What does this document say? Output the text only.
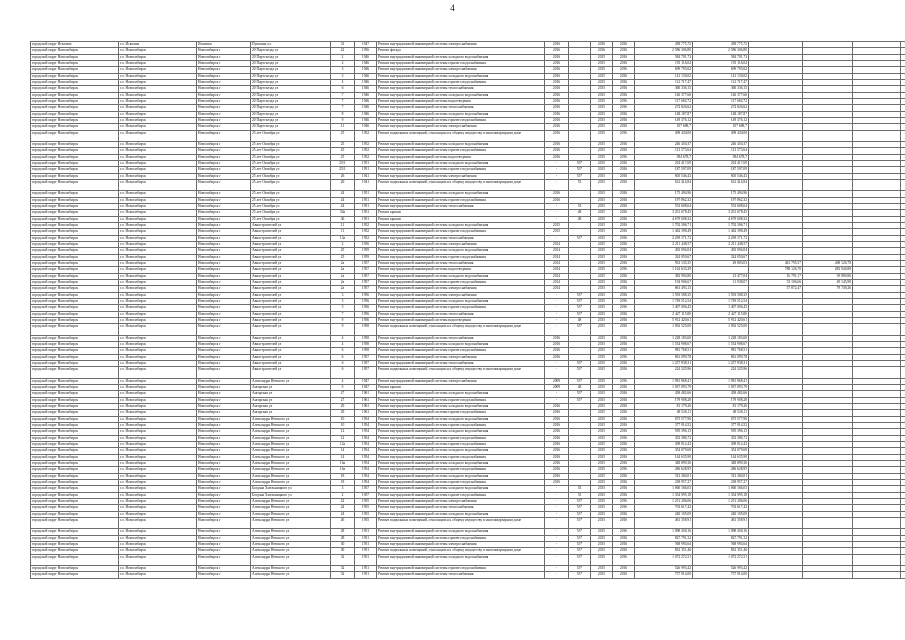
4
городской округ Искитим	г.о. Искитим	Искитим	Пушкина ул.	31	1947	Ремонт внутридомовой инженерной системы электроснабжения	2016		2016	2016	458 775,75	458 775,75				
городской округ Новосибирск	г.о. Новосибирск	Новосибирск г	20 Партсъезда ул	22	1956	Ремонт фасада	2016		2016	2016	2 586 306,80	2 586 306,80				
городской округ Новосибирск	г.о. Новосибирск	Новосибирск г	20 Партсъезда ул	2	1946	Ремонт внутридомовой инженерной системы холодного водоснабжения	2016		2015	2016	584 791,73	584 791,73				
городской округ Новосибирск	г.о. Новосибирск	Новосибирск г	20 Партсъезда ул	2	1946	Ремонт внутридомовой инженерной системы горячего водоснабжения	2016		2015	2016	191 116,04	191 116,04				
городской округ Новосибирск	г.о. Новосибирск	Новосибирск г	20 Партсъезда ул	3	1946	Ремонт внутридомовой инженерной системы электроснабжения	2016		2015	2016	699 795,02	699 795,02				
городской округ Новосибирск	г.о. Новосибирск	Новосибирск г	20 Партсъезда ул	3	1946	Ремонт внутридомовой инженерной системы холодного водоснабжения	2016		2015	2016	141 130,02	141 130,02				
городской округ Новосибирск	г.о. Новосибирск	Новосибирск г	20 Партсъезда ул	4	1946	Ремонт внутридомовой инженерной системы горячего водоснабжения	2016		2015	2016	112 717,47	112 717,47				
городской округ Новосибирск	г.о. Новосибирск	Новосибирск г	20 Партсъезда ул	6	1946	Ремонт внутридомовой инженерной системы теплоснабжения	2016		2015	2016	360 336,15	360 336,15				
городской округ Новосибирск	г.о. Новосибирск	Новосибирск г	20 Партсъезда ул	7	1946	Ремонт внутридомовой инженерной системы холодного водоснабжения	2016		2015	2016	146 377,66	146 377,66				
городской округ Новосибирск	г.о. Новосибирск	Новосибирск г	20 Партсъезда ул	7	1946	Ремонт внутридомовой инженерной системы водоотведения	2016		2015	2016	117 682,72	117 682,72				
городской округ Новосибирск	г.о. Новосибирск	Новосибирск г	20 Партсъезда ул	7	1946	Ремонт внутридомовой инженерной системы теплоснабжения	2016		2015	2016	274 826,62	274 826,62				
городской округ Новосибирск	г.о. Новосибирск	Новосибирск г	20 Партсъезда ул	8	1946	Ремонт внутридомовой инженерной системы холодного водоснабжения	2016		2015	2016	148 187,87	148 187,87				
городской округ Новосибирск	г.о. Новосибирск	Новосибирск г	20 Партсъезда ул	9	1946	Ремонт внутридомовой инженерной системы горячего водоснабжения	2016		2015	2016	149 376,12	149 376,12				
городской округ Новосибирск	г.о. Новосибирск	Новосибирск г	20 Партсъезда ул	11	1946	Ремонт внутридомовой инженерной системы электроснабжения	2016		2015	2016	107 688,7	107 688,7				
городской округ Новосибирск	г.о. Новосибирск	Новосибирск г	25 лет Октября ул	25	1952	Ремонт подвальных помещений, относящихся к общему имуществу в многоквартирном доме	2016		2015	2016	309 430,00	309 430,00				
городской округ Новосибирск	г.о. Новосибирск	Новосибирск г	25 лет Октября ул	25	1952	Ремонт внутридомовой инженерной системы холодного водоснабжения	2016		2015	2016	246 450,37	246 450,37				
городской округ Новосибирск	г.о. Новосибирск	Новосибирск г	25 лет Октября ул	25	1952	Ремонт внутридомовой инженерной системы горячего водоснабжения	2016		2015	2016	113 573,64	113 573,64				
городской округ Новосибирск	г.о. Новосибирск	Новосибирск г	25 лет Октября ул	25	1952	Ремонт внутридомовой инженерной системы водоотведения	2016		2015	2016	584 678,7	584 678,7				
городской округ Новосибирск	г.о. Новосибирск	Новосибирск г	25 лет Октября ул	25/1	1951	Ремонт внутридомовой инженерной системы холодного водоснабжения	-	53*	2015	2016	254 417,69	254 417,69				
городской округ Новосибирск	г.о. Новосибирск	Новосибирск г	25 лет Октября ул	25/1	1951	Ремонт внутридомовой инженерной системы горячего водоснабжения	-	53*	2015	2016	187 597,09	187 597,09				
городской округ Новосибирск	г.о. Новосибирск	Новосибирск г	25 лет Октября ул	26	1941	Ремонт внутридомовой инженерной системы электроснабжения	-	53*	2015	2016	605 546,43	605 546,43				
городской округ Новосибирск	г.о. Новосибирск	Новосибирск г	25 лет Октября ул	26	1941	Ремонт подвальных помещений, относящихся к общему имуществу в многоквартирном доме	-	53	2015	2016	612 414,84	612 414,84				
городской округ Новосибирск	г.о. Новосибирск	Новосибирск г	25 лет Октября ул	24	1951	Ремонт внутридомовой инженерной системы холодного водоснабжения	2016		2015	2016	175 494,96	175 494,96				
городской округ Новосибирск	г.о. Новосибирск	Новосибирск г	25 лет Октября ул	24	1951	Ремонт внутридомовой инженерной системы горячего водоснабжения	2016		2015	2016	197 862,32	197 862,32				
городской округ Новосибирск	г.о. Новосибирск	Новосибирск г	25 лет Октября ул	24	1951	Ремонт внутридомовой инженерной системы теплоснабжения	-	53	2015	2016	553 608,64	553 608,64				
городской округ Новосибирск	г.о. Новосибирск	Новосибирск г	25 лет Октября ул	34а	1951	Ремонт крыши	-	48	2015	2016	3 231 678,45	3 231 678,45				
городской округ Новосибирск	г.о. Новосибирск	Новосибирск г	25 лет Октября ул	36	1951	Ремонт крыши	-	48	2015	2016	4 679 608,32	4 679 608,32				
городской округ Новосибирск	г.о. Новосибирск	Новосибирск г	Авиастроителей ул	11	1952	Ремонт внутридомовой инженерной системы холодного водоснабжения	2015		2015	2016	1 702 306,71	1 702 306,71				
городской округ Новосибирск	г.о. Новосибирск	Новосибирск г	Авиастроителей ул	11	1952	Ремонт внутридомовой инженерной системы горячего водоснабжения	2015		2015	2016	1 462 398,49	1 462 398,49				
городской округ Новосибирск	г.о. Новосибирск	Новосибирск г	Авиастроителей ул	13а	1952	Ремонт внутридомовой инженерной системы теплоснабжения	-	53*	2015	2016	2 239 171,73	2 239 171,73				
городской округ Новосибирск	г.о. Новосибирск	Новосибирск г	Авиастроителей ул	2	1956	Ремонт внутридомовой инженерной системы электроснабжения	2014		2015	2016	2 211 448,57	2 211 448,57				
городской округ Новосибирск	г.о. Новосибирск	Новосибирск г	Авиастроителей ул	25	1959	Ремонт внутридомовой инженерной системы холодного водоснабжения	2014		2015	2016	492 094,04	492 094,04				
городской округ Новосибирск	г.о. Новосибирск	Новосибирск г	Авиастроителей ул	25	1959	Ремонт внутридомовой инженерной системы горячего водоснабжения	2014		2015	2016	324 050,67	324 050,67				
городской округ Новосибирск	г.о. Новосибирск	Новосибирск г	Авиастроителей ул	2а	1957	Ремонт внутридомовой инженерной системы теплоснабжения	2014		2015	2016	933 135,35	49 803,03	461 795,57	268 126,78		
городской округ Новосибирск	г.о. Новосибирск	Новосибирск г	Авиастроителей ул	2а	1957	Ремонт внутридомовой инженерной системы водоотведения	2014		2015	2016	1 162 633,29		788 126,70	283 940,88		
городской округ Новосибирск	г.о. Новосибирск	Новосибирск г	Авиастроителей ул	2а	1957	Ремонт внутридомовой инженерной системы холодного водоснабжения	2014		2015	2016	382 994,80	13 477,04	16 791,17	39 880,86		
городской округ Новосибирск	г.о. Новосибирск	Новосибирск г	Авиастроителей ул	2а	1957	Ремонт внутридомовой инженерной системы горячего водоснабжения	2014		2015	2016	194 906,67	11 938,07	53 106,66	49 145,98		
городской округ Новосибирск	г.о. Новосибирск	Новосибирск г	Авиастроителей ул	2а	1957	Ремонт внутридомовой инженерной системы электроснабжения	2014		2015	2016	861 493,13		57 872,47	79 749,26		
городской округ Новосибирск	г.о. Новосибирск	Новосибирск г	Авиастроителей ул	3	1956	Ремонт внутридомовой инженерной системы электроснабжения	-	53*	2015	2016	1 593 588,35	1 593 588,35				
городской округ Новосибирск	г.о. Новосибирск	Новосибирск г	Авиастроителей ул	5	1956	Ремонт внутридомовой инженерной системы холодного водоснабжения	-	53*	2015	2016	1 749 512,54	1 749 512,54				
городской округ Новосибирск	г.о. Новосибирск	Новосибирск г	Авиастроителей ул	5	1956	Ремонт внутридомовой инженерной системы горячего водоснабжения	-	53*	2015	2016	1 407 006,45	1 407 006,45				
городской округ Новосибирск	г.о. Новосибирск	Новосибирск г	Авиастроителей ул	7	1956	Ремонт внутридомовой инженерной системы теплоснабжения	-	53*	2015	2016	2 427 115,80	2 427 115,80				
городской округ Новосибирск	г.о. Новосибирск	Новосибирск г	Авиастроителей ул	9	1956	Ремонт внутридомовой инженерной системы водоотведения	-	48	2015	2016	5 912 420,61	5 912 420,61				
городской округ Новосибирск	г.о. Новосибирск	Новосибирск г	Авиастроителей ул	9	1958	Ремонт подвальных помещений, относящихся к общему имуществу в многоквартирном доме	-	53*	2015	2016	1 092 525,00	1 092 525,00				
городской округ Новосибирск	г.о. Новосибирск	Новосибирск г	Авиастроителей ул	4	1958	Ремонт внутридомовой инженерной системы теплоснабжения	2016		2015	2016	1 228 183,60	1 228 183,60				
городской округ Новосибирск	г.о. Новосибирск	Новосибирск г	Авиастроителей ул	4	1958	Ремонт внутридомовой инженерной системы холодного водоснабжения	2016		2015	2016	1 534 908,67	1 534 908,67				
городской округ Новосибирск	г.о. Новосибирск	Новосибирск г	Авиастроителей ул	6	1958	Ремонт внутридомовой инженерной системы горячего водоснабжения	2016		2015	2016	981 768,51	981 768,51				
городской округ Новосибирск	г.о. Новосибирск	Новосибирск г	Авиастроителей ул	6	1957	Ремонт внутридомовой инженерной системы электроснабжения	2016		2015	2016	861 099,78	861 099,78				
городской округ Новосибирск	г.о. Новосибирск	Новосибирск г	Авиастроителей ул	6	1957	Ремонт внутридомовой инженерной системы теплоснабжения	-	53*	2015	2016	1 257 938,31	1 257 938,31				
городской округ Новосибирск	г.о. Новосибирск	Новосибирск г	Авиастроителей ул	6	1957	Ремонт подвальных помещений, относящихся к общему имуществу в многоквартирном доме	-	53*	2015	2016	224 325,96	224 325,96				
городской округ Новосибирск	г.о. Новосибирск	Новосибирск г	Александра Невского ул	4	1947	Ремонт внутридомовой инженерной системы электроснабжения	2009	53*	2015	2016	1 981 868,41	1 981 868,41				
городской округ Новосибирск	г.о. Новосибирск	Новосибирск г	Ангарская ул	5	1947	Ремонт крыши	2009	48	2015	2016	1 037 893,79	1 037 893,79				
городской округ Новосибирск	г.о. Новосибирск	Новосибирск г	Ангарская ул	27	1961	Ремонт внутридомовой инженерной системы холодного водоснабжения	-	53*	2015	2016	458 482,66	458 482,66				
городской округ Новосибирск	г.о. Новосибирск	Новосибирск г	Ангарская ул	27	1961	Ремонт внутридомовой инженерной системы горячего водоснабжения	-	53*	2015	2016	179 908,28	179 908,28				
городской округ Новосибирск	г.о. Новосибирск	Новосибирск г	Ангарская ул	29	1961	Ремонт внутридомовой инженерной системы холодного водоснабжения	2016		2015	2016	81 179,26	81 179,26				
городской округ Новосибирск	г.о. Новосибирск	Новосибирск г	Ангарская ул	29	1961	Ремонт внутридомовой инженерной системы горячего водоснабжения	2016		2015	2016	48 526,11	48 526,11				
городской округ Новосибирск	г.о. Новосибирск	Новосибирск г	Александра Невского ул	10	1954	Ремонт внутридомовой инженерной системы холодного водоснабжения	2016		2015	2016	675 577,96	675 577,96				
городской округ Новосибирск	г.о. Новосибирск	Новосибирск г	Александра Невского ул	10	1954	Ремонт внутридомовой инженерной системы горячего водоснабжения	2016		2015	2016	377 914,52	377 914,52				
городской округ Новосибирск	г.о. Новосибирск	Новосибирск г	Александра Невского ул	12	1954	Ремонт внутридомовой инженерной системы холодного водоснабжения	2016		2015	2016	595 396,13	595 396,13				
городской округ Новосибирск	г.о. Новосибирск	Новосибирск г	Александра Невского ул	12	1954	Ремонт внутридомовой инженерной системы горячего водоснабжения	2016		2015	2016	353 386,73	353 386,73				
городской округ Новосибирск	г.о. Новосибирск	Новосибирск г	Александра Невского ул	12а	1954	Ремонт внутридомовой инженерной системы горячего водоснабжения	2016		2015	2016	309 012,43	309 012,43				
городской округ Новосибирск	г.о. Новосибирск	Новосибирск г	Александра Невского ул	14	1954	Ремонт внутридомовой инженерной системы холодного водоснабжения	2016		2015	2016	354 079,68	354 079,68				
городской округ Новосибирск	г.о. Новосибирск	Новосибирск г	Александра Невского ул	14	1954	Ремонт внутридомовой инженерной системы горячего водоснабжения	2016		2015	2016	144 635,90	144 635,90				
городской округ Новосибирск	г.о. Новосибирск	Новосибирск г	Александра Невского ул	16а	1954	Ремонт внутридомовой инженерной системы холодного водоснабжения	2016		2015	2016	348 899,36	348 899,36				
городской округ Новосибирск	г.о. Новосибирск	Новосибирск г	Александра Невского ул	16а	1954	Ремонт внутридомовой инженерной системы горячего водоснабжения	2016		2015	2016	286 628,95	286 628,95				
городской округ Новосибирск	г.о. Новосибирск	Новосибирск г	Александра Невского ул	18	1954	Ремонт внутридомовой инженерной системы холодного водоснабжения	2016		2015	2016	313 284,01	313 284,01				
городской округ Новосибирск	г.о. Новосибирск	Новосибирск г	Александра Невского ул	18	1954	Ремонт внутридомовой инженерной системы горячего водоснабжения	2016		2015	2016	238 957,27	238 957,27				
городской округ Новосибирск	г.о. Новосибирск	Новосибирск г	Богдана Хмельницкого ул	3	1957	Ремонт внутридомовой инженерной системы холодного водоснабжения	-	53	2015	2016	1 060 166,03	1 060 166,03				
городской округ Новосибирск	г.о. Новосибирск	Новосибирск г	Богдана Хмельницкого ул	2	1957	Ремонт внутридомовой инженерной системы горячего водоснабжения	-	53	2015	2016	1 354 995,18	1 354 995,18				
городской округ Новосибирск	г.о. Новосибирск	Новосибирск г	Александра Невского ул	22	1955	Ремонт внутридомовой инженерной системы электроснабжения	-	53*	2015	2016	1 251 206,06	1 251 206,06				
городской округ Новосибирск	г.о. Новосибирск	Новосибирск г	Александра Невского ул	24	1955	Ремонт внутридомовой инженерной системы теплоснабжения	-	53*	2015	2016	703 617,42	703 617,42				
городской округ Новосибирск	г.о. Новосибирск	Новосибирск г	Александра Невского ул	24	1955	Ремонт внутридомовой инженерной системы холодного водоснабжения	-	53*	2015	2016	240 105,09	240 105,09				
городской округ Новосибирск	г.о. Новосибирск	Новосибирск г	Александра Невского ул	26	1955	Ремонт подвальных помещений, относящихся к общему имуществу в многоквартирном доме	-	53*	2015	2016	461 358,91	461 358,91				
городской округ Новосибирск	г.о. Новосибирск	Новосибирск г	Александра Невского ул	28	1951	Ремонт внутридомовой инженерной системы холодного водоснабжения	-	53*	2015	2016	1 098 458,16	1 098 458,16				
городской округ Новосибирск	г.о. Новосибирск	Новосибирск г	Александра Невского ул	28	1951	Ремонт внутридомовой инженерной системы горячего водоснабжения	-	53*	2015	2016	827 791,32	827 791,32				
городской округ Новосибирск	г.о. Новосибирск	Новосибирск г	Александра Невского ул	30	1951	Ремонт внутридомовой инженерной системы электроснабжения	-	53*	2015	2016	568 994,64	568 994,64				
городской округ Новосибирск	г.о. Новосибирск	Новосибирск г	Александра Невского ул	30	1951	Ремонт подвальных помещений, относящихся к общему имуществу в многоквартирном доме	-	53*	2015	2016	852 351,46	852 351,46				
городской округ Новосибирск	г.о. Новосибирск	Новосибирск г	Александра Невского ул	32	1951	Ремонт внутридомовой инженерной системы холодного водоснабжения	-	53*	2015	2016	1 072 272,51	1 072 272,51				
городской округ Новосибирск	г.о. Новосибирск	Новосибирск г	Александра Невского ул	32	1951	Ремонт внутридомовой инженерной системы горячего водоснабжения	-	53*	2015	2016	526 993,42	526 993,42				
городской округ Новосибирск	г.о. Новосибирск	Новосибирск г	Александра Невского ул	32	1951	Ремонт внутридомовой инженерной системы теплоснабжения	-	53*	2015	2016	757 914,00	757 914,00				
